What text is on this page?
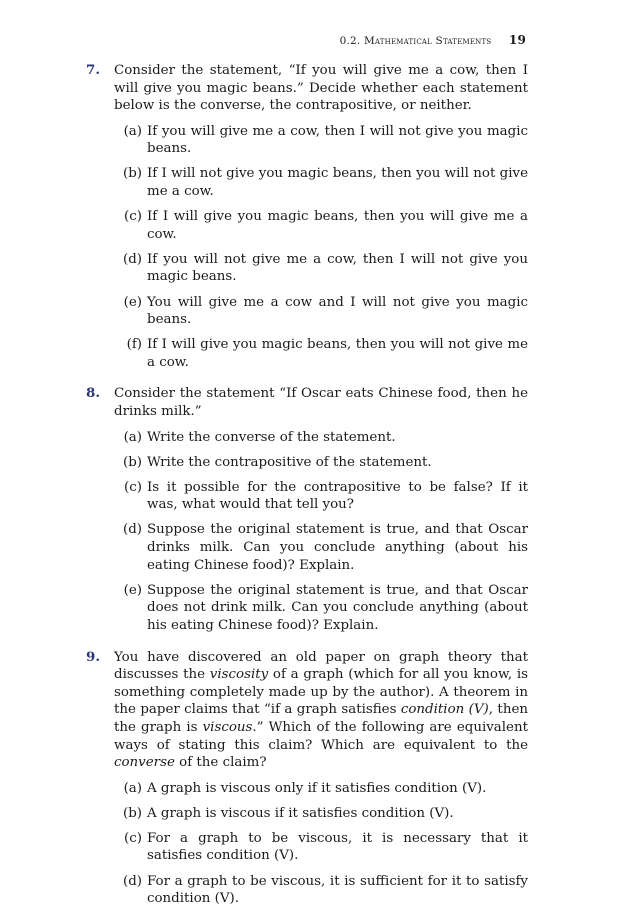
0.2. Mathematical Statements 19
7.	Consider the statement, “If you will give me a cow, then I will give you magic beans.” Decide whether each statement below is the converse, the contrapositive, or neither.
(a) If you will give me a cow, then I will not give you magic beans.
(b) If I will not give you magic beans, then you will not give me a cow.
(c) If I will give you magic beans, then you will give me a cow.
(d) If you will not give me a cow, then I will not give you magic beans.
(e) You will give me a cow and I will not give you magic beans.
(f) If I will give you magic beans, then you will not give me a cow.
8.	Consider the statement “If Oscar eats Chinese food, then he drinks milk.”
(a) Write the converse of the statement.
(b) Write the contrapositive of the statement.
(c) Is it possible for the contrapositive to be false? If it was, what would that tell you?
(d) Suppose the original statement is true, and that Oscar drinks milk. Can you conclude anything (about his eating Chinese food)? Explain.
(e) Suppose the original statement is true, and that Oscar does not drink milk. Can you conclude anything (about his eating Chinese food)? Explain.
9.	You have discovered an old paper on graph theory that discusses the viscosity of a graph (which for all you know, is something completely made up by the author). A theorem in the paper claims that “if a graph satisfies condition (V), then the graph is viscous.” Which of the following are equivalent ways of stating this claim? Which are equivalent to the converse of the claim?
(a) A graph is viscous only if it satisfies condition (V).
(b) A graph is viscous if it satisfies condition (V).
(c) For a graph to be viscous, it is necessary that it satisfies condition (V).
(d) For a graph to be viscous, it is sufficient for it to satisfy condition (V).
